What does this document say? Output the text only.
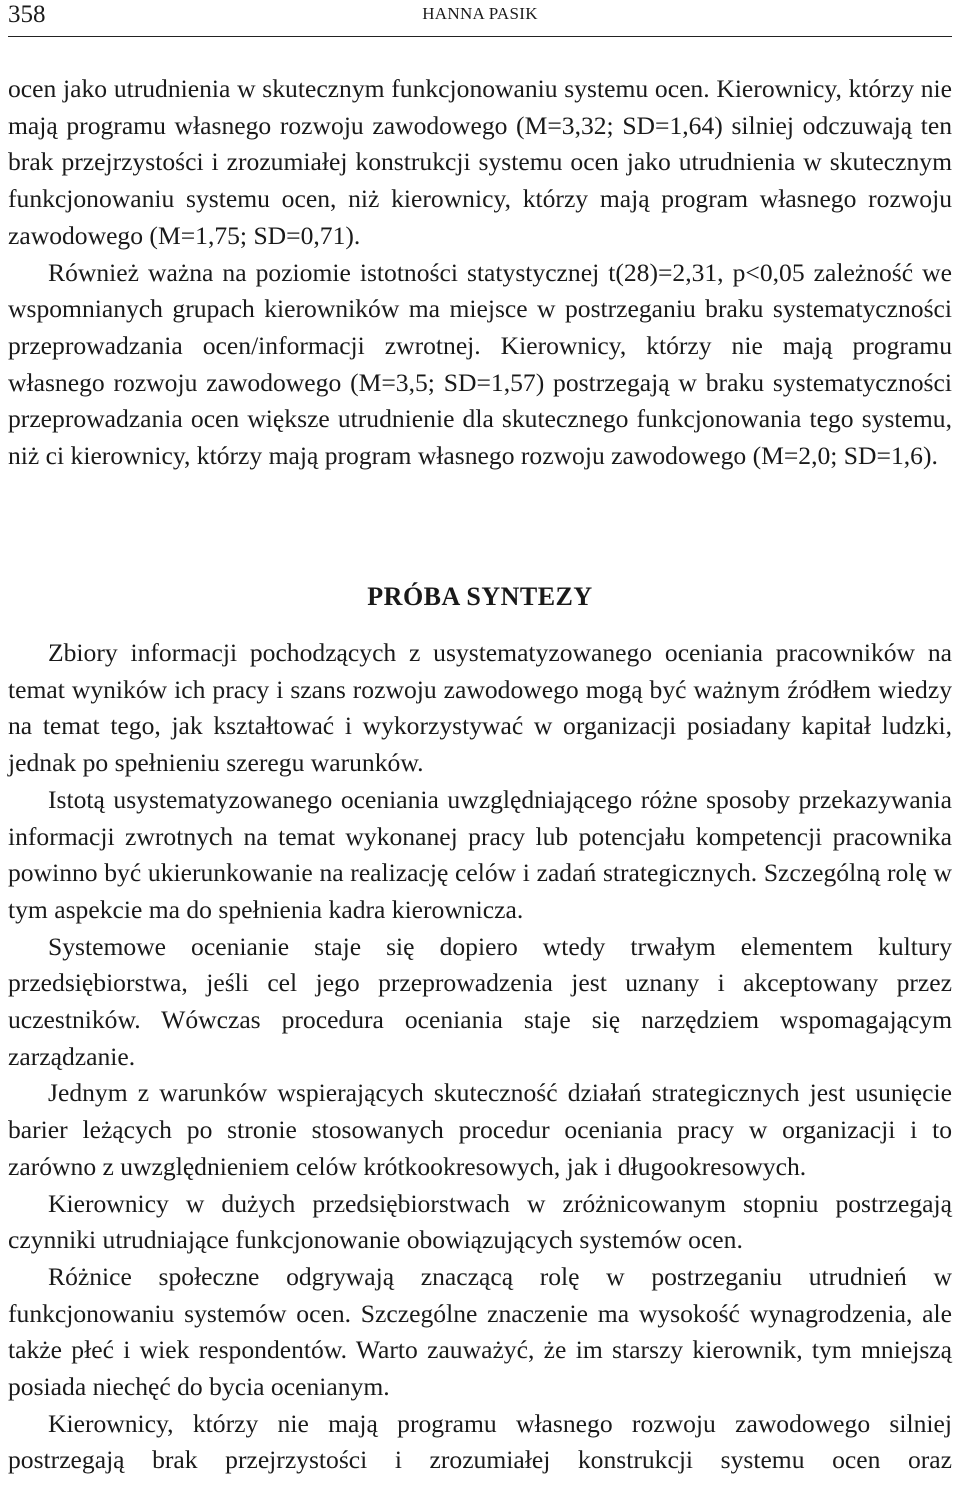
358	HANNA PASIK

ocen jako utrudnienia w skutecznym funkcjonowaniu systemu ocen. Kierownicy, którzy nie mają programu własnego rozwoju zawodowego (M=3,32; SD=1,64) silniej odczuwają ten brak przejrzystości i zrozumiałej konstrukcji systemu ocen jako utrudnienia w skutecznym funkcjonowaniu systemu ocen, niż kierownicy, którzy mają program własnego rozwoju zawodowego (M=1,75; SD=0,71).

Również ważna na poziomie istotności statystycznej t(28)=2,31, p<0,05 zależność we wspomnianych grupach kierowników ma miejsce w postrzeganiu braku systematyczności przeprowadzania ocen/informacji zwrotnej. Kierownicy, którzy nie mają programu własnego rozwoju zawodowego (M=3,5; SD=1,57) postrzegają w braku systematyczności przeprowadzania ocen większe utrudnienie dla skutecznego funkcjonowania tego systemu, niż ci kierownicy, którzy mają program własnego rozwoju zawodowego (M=2,0; SD=1,6).

PRÓBA SYNTEZY

Zbiory informacji pochodzących z usystematyzowanego oceniania pracowników na temat wyników ich pracy i szans rozwoju zawodowego mogą być ważnym źródłem wiedzy na temat tego, jak kształtować i wykorzystywać w organizacji posiadany kapitał ludzki, jednak po spełnieniu szeregu warunków.

Istotą usystematyzowanego oceniania uwzględniającego różne sposoby przekazywania informacji zwrotnych na temat wykonanej pracy lub potencjału kompetencji pracownika powinno być ukierunkowanie na realizację celów i zadań strategicznych. Szczególną rolę w tym aspekcie ma do spełnienia kadra kierownicza.

Systemowe ocenianie staje się dopiero wtedy trwałym elementem kultury przedsiębiorstwa, jeśli cel jego przeprowadzenia jest uznany i akceptowany przez uczestników. Wówczas procedura oceniania staje się narzędziem wspomagającym zarządzanie.

Jednym z warunków wspierających skuteczność działań strategicznych jest usunięcie barier leżących po stronie stosowanych procedur oceniania pracy w organizacji i to zarówno z uwzględnieniem celów krótkookresowych, jak i długookresowych.

Kierownicy w dużych przedsiębiorstwach w zróżnicowanym stopniu postrzegają czynniki utrudniające funkcjonowanie obowiązujących systemów ocen.

Różnice społeczne odgrywają znaczącą rolę w postrzeganiu utrudnień w funkcjonowaniu systemów ocen. Szczególne znaczenie ma wysokość wynagrodzenia, ale także płeć i wiek respondentów. Warto zauważyć, że im starszy kierownik, tym mniejszą posiada niechęć do bycia ocenianym.

Kierownicy, którzy nie mają programu własnego rozwoju zawodowego silniej postrzegają brak przejrzystości i zrozumiałej konstrukcji systemu ocen oraz
